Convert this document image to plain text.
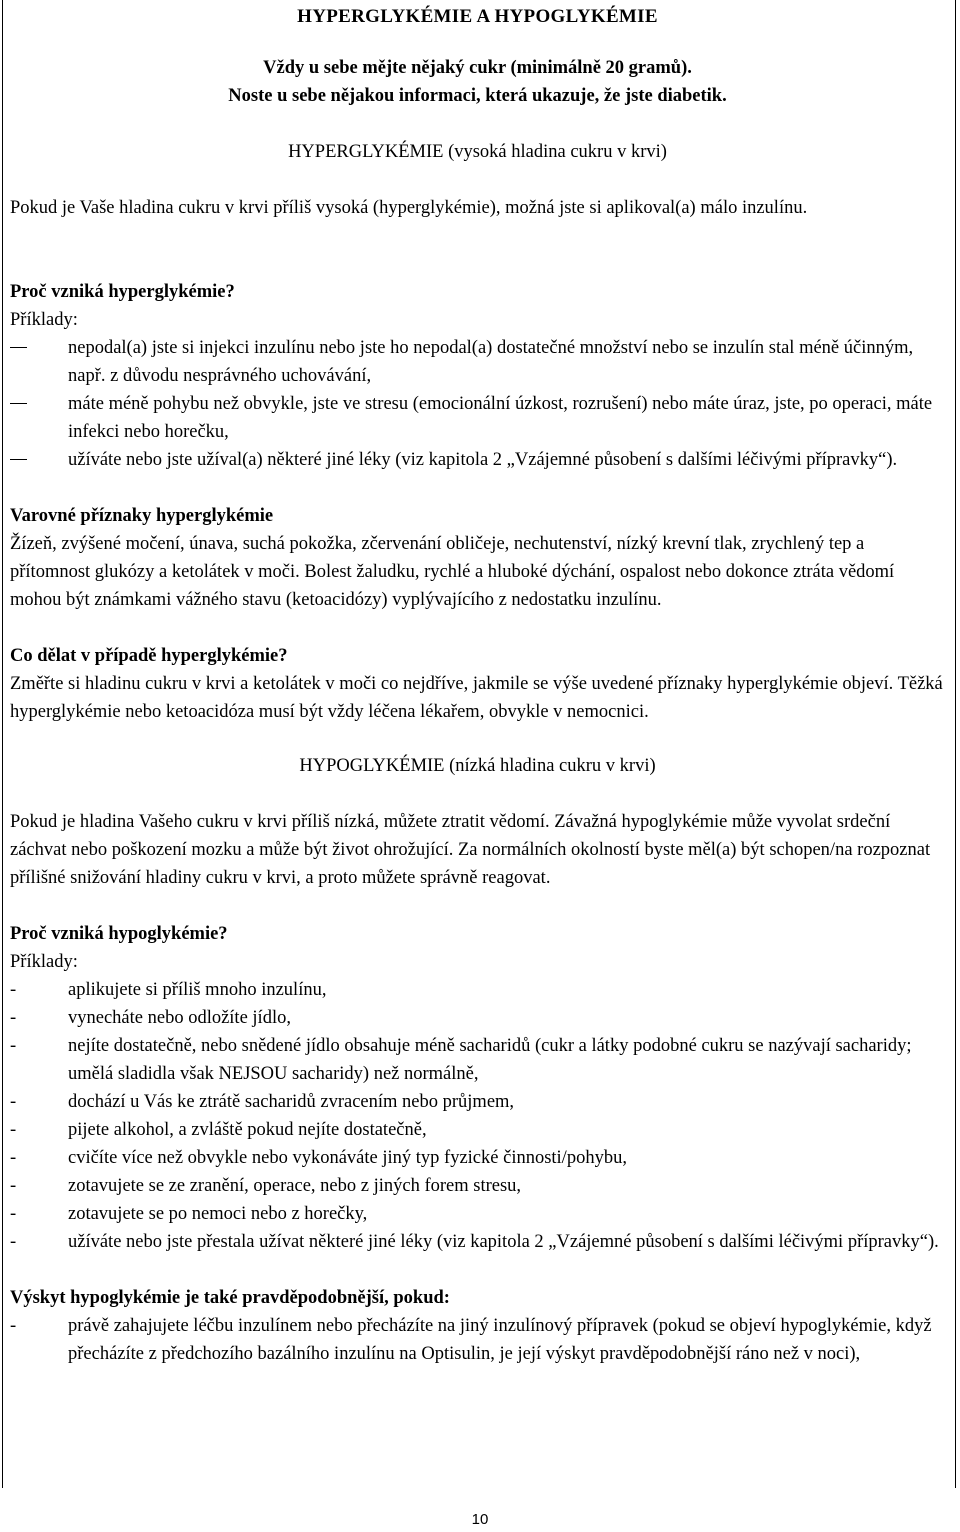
HYPERGLYKÉMIE A HYPOGLYKÉMIE

Vždy u sebe mějte nějaký cukr (minimálně 20 gramů).

Noste u sebe nějakou informaci, která ukazuje, že jste diabetik.

HYPERGLYKÉMIE (vysoká hladina cukru v krvi)

Pokud je Vaše hladina cukru v krvi příliš vysoká (hyperglykémie), možná jste si aplikoval(a) málo inzulínu.

Proč vzniká hyperglykémie?

Příklady:

nepodal(a) jste si injekci inzulínu nebo jste ho nepodal(a) dostatečné množství nebo se inzulín stal méně účinným, např. z důvodu nesprávného uchovávání,
máte méně pohybu než obvykle, jste ve stresu (emocionální úzkost, rozrušení) nebo máte úraz, jste, po operaci, máte infekci nebo horečku,
užíváte nebo jste užíval(a) některé jiné léky (viz kapitola 2 „Vzájemné působení s dalšími léčivými přípravky“).

Varovné příznaky hyperglykémie

Žízeň, zvýšené močení, únava, suchá pokožka, zčervenání obličeje, nechutenství, nízký krevní tlak, zrychlený tep a přítomnost glukózy a ketolátek v moči. Bolest žaludku, rychlé a hluboké dýchání, ospalost nebo dokonce ztráta vědomí mohou být známkami vážného stavu (ketoacidózy) vyplývajícího z nedostatku inzulínu.

Co dělat v případě hyperglykémie?

Změřte si hladinu cukru v krvi a ketolátek v moči co nejdříve, jakmile se výše uvedené příznaky hyperglykémie objeví. Těžká hyperglykémie nebo ketoacidóza musí být vždy léčena lékařem, obvykle v nemocnici.

HYPOGLYKÉMIE (nízká hladina cukru v krvi)

Pokud je hladina Vašeho cukru v krvi příliš nízká, můžete ztratit vědomí. Závažná hypoglykémie může vyvolat srdeční záchvat nebo poškození mozku a může být život ohrožující. Za normálních okolností byste měl(a) být schopen/na rozpoznat přílišné snižování hladiny cukru v krvi, a proto můžete správně reagovat.

Proč vzniká hypoglykémie?

Příklady:

-	aplikujete si příliš mnoho inzulínu,
-	vynecháte nebo odložíte jídlo,
-	nejíte dostatečně, nebo snědené jídlo obsahuje méně sacharidů (cukr a látky podobné cukru se nazývají sacharidy; umělá sladidla však NEJSOU sacharidy) než normálně,
-	dochází u Vás ke ztrátě sacharidů zvracením nebo průjmem,
-	pijete alkohol, a zvláště pokud nejíte dostatečně,
-	cvičíte více než obvykle nebo vykonáváte jiný typ fyzické činnosti/pohybu,
-	zotavujete se ze zranění, operace, nebo z jiných forem stresu,
-	zotavujete se po nemoci nebo z horečky,
-	užíváte nebo jste přestala užívat některé jiné léky (viz kapitola 2 „Vzájemné působení s dalšími léčivými přípravky“).

Výskyt hypoglykémie je také pravděpodobnější, pokud:

-	právě zahajujete léčbu inzulínem nebo přecházíte na jiný inzulínový přípravek (pokud se objeví hypoglykémie, když přecházíte z předchozího bazálního inzulínu na Optisulin, je její výskyt pravděpodobnější ráno než v noci),
10
